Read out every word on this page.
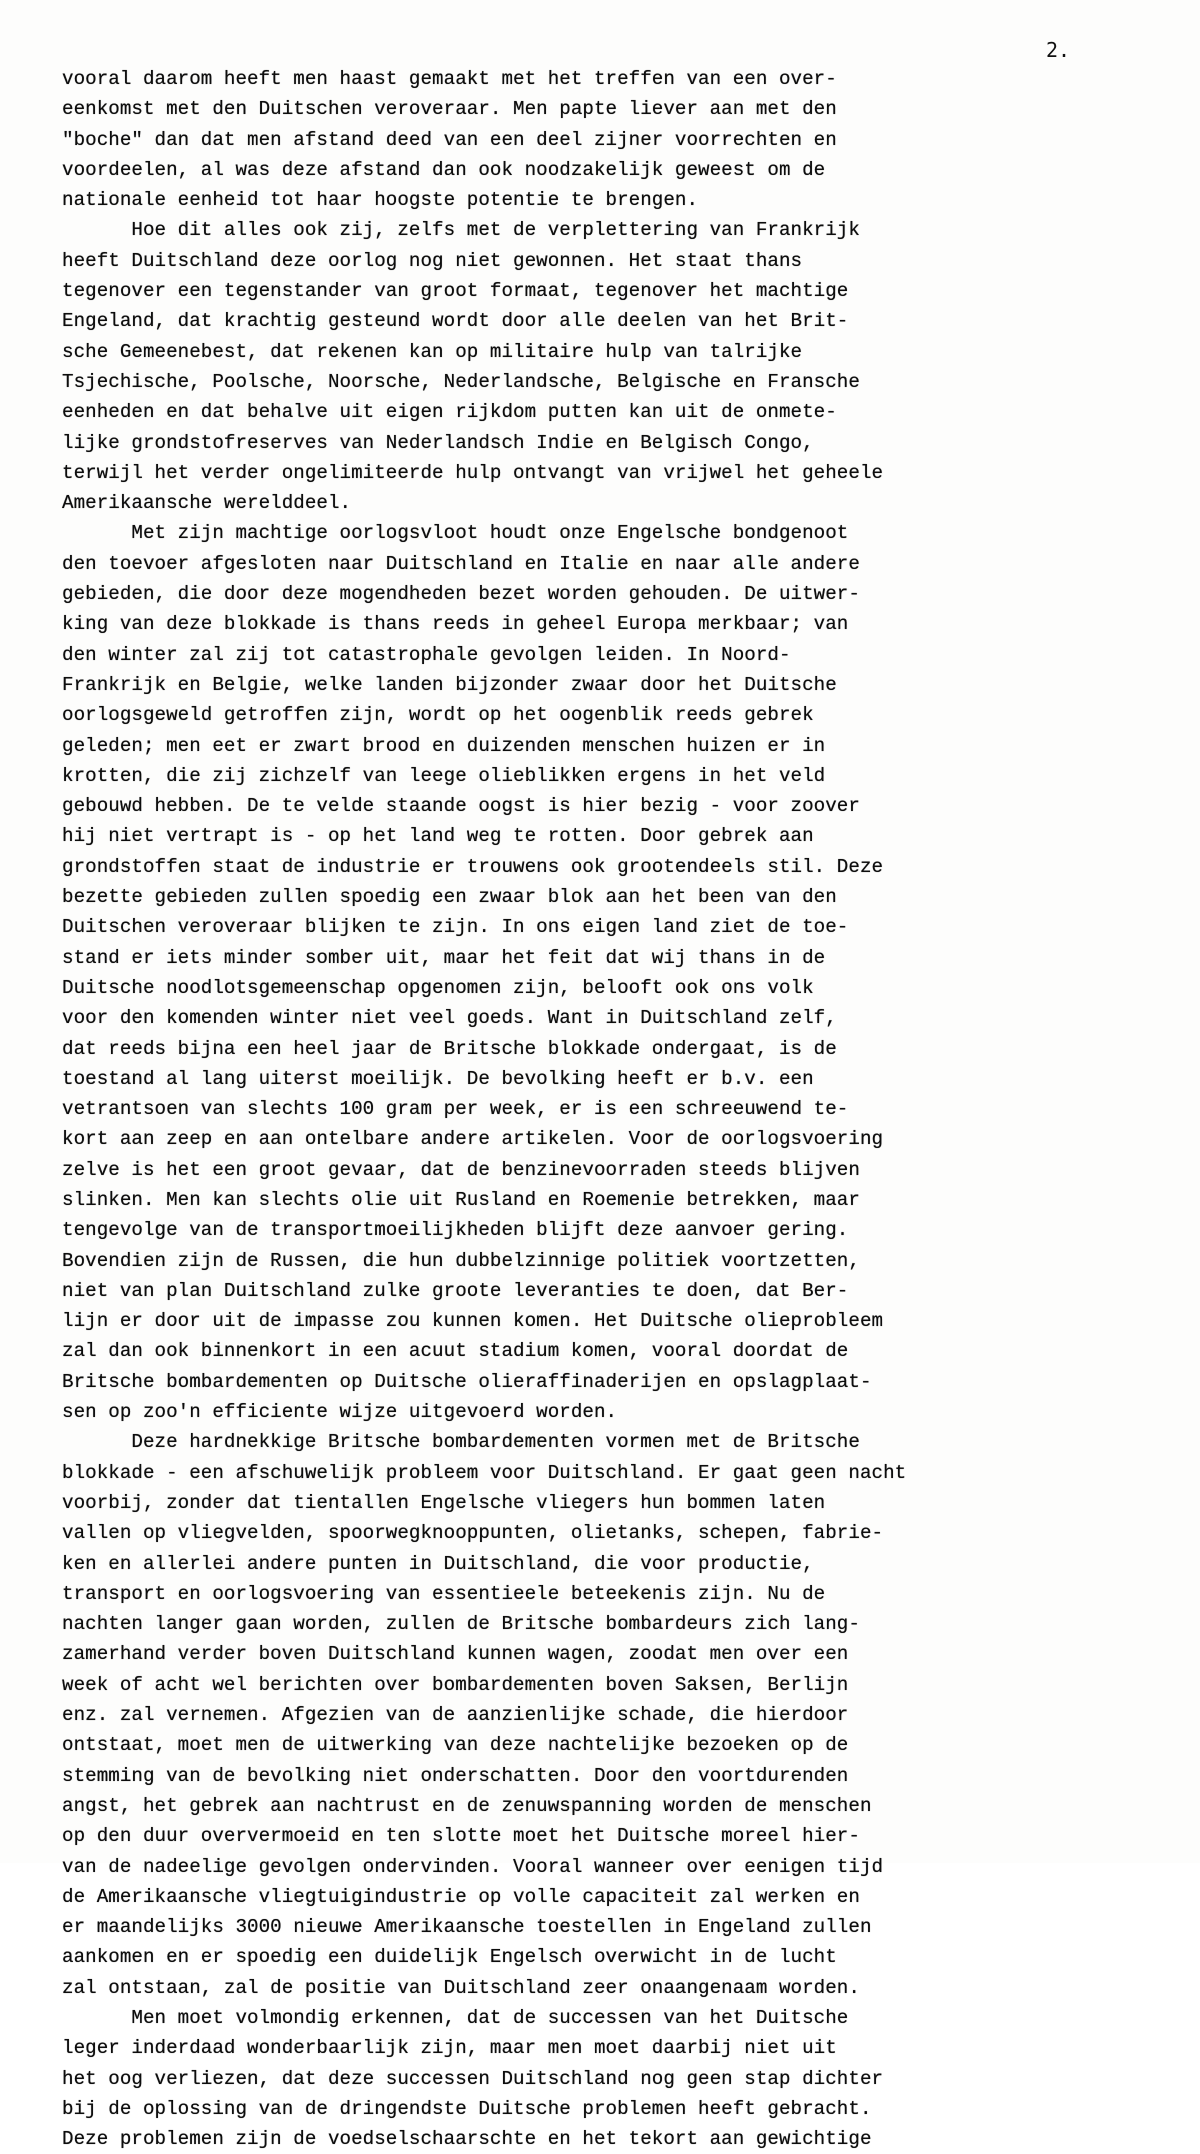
2.
vooral daarom heeft men haast gemaakt met het treffen van een over-
eenkomst met den Duitschen veroveraar. Men papte liever aan met den
"boche" dan dat men afstand deed van een deel zijner voorrechten en
voordeelen, al was deze afstand dan ook noodzakelijk geweest om de
nationale eenheid tot haar hoogste potentie te brengen.
Hoe dit alles ook zij, zelfs met de verplettering van Frankrijk
heeft Duitschland deze oorlog nog niet gewonnen. Het staat thans
tegenover een tegenstander van groot formaat, tegenover het machtige
Engeland, dat krachtig gesteund wordt door alle deelen van het Brit-
sche Gemeenebest, dat rekenen kan op militaire hulp van talrijke
Tsjechische, Poolsche, Noorsche, Nederlandsche, Belgische en Fransche
eenheden en dat behalve uit eigen rijkdom putten kan uit de onmete-
lijke grondstofreserves van Nederlandsch Indie en Belgisch Congo,
terwijl het verder ongelimiteerde hulp ontvangt van vrijwel het geheele
Amerikaansche werelddeel.
Met zijn machtige oorlogsvloot houdt onze Engelsche bondgenoot
den toevoer afgesloten naar Duitschland en Italie en naar alle andere
gebieden, die door deze mogendheden bezet worden gehouden. De uitwer-
king van deze blokkade is thans reeds in geheel Europa merkbaar; van
den winter zal zij tot catastrophale gevolgen leiden. In Noord-
Frankrijk en Belgie, welke landen bijzonder zwaar door het Duitsche
oorlogsgeweld getroffen zijn, wordt op het oogenblik reeds gebrek
geleden; men eet er zwart brood en duizenden menschen huizen er in
krotten, die zij zichzelf van leege olieblikken ergens in het veld
gebouwd hebben. De te velde staande oogst is hier bezig - voor zoover
hij niet vertrapt is - op het land weg te rotten. Door gebrek aan
grondstoffen staat de industrie er trouwens ook grootendeels stil. Deze
bezette gebieden zullen spoedig een zwaar blok aan het been van den
Duitschen veroveraar blijken te zijn. In ons eigen land ziet de toe-
stand er iets minder somber uit, maar het feit dat wij thans in de
Duitsche noodlotsgemeenschap opgenomen zijn, belooft ook ons volk
voor den komenden winter niet veel goeds. Want in Duitschland zelf,
dat reeds bijna een heel jaar de Britsche blokkade ondergaat, is de
toestand al lang uiterst moeilijk. De bevolking heeft er b.v. een
vetrantsoen van slechts 100 gram per week, er is een schreeuwend te-
kort aan zeep en aan ontelbare andere artikelen. Voor de oorlogsvoering
zelve is het een groot gevaar, dat de benzinevoorraden steeds blijven
slinken. Men kan slechts olie uit Rusland en Roemenie betrekken, maar
tengevolge van de transportmoeilijkheden blijft deze aanvoer gering.
Bovendien zijn de Russen, die hun dubbelzinnige politiek voortzetten,
niet van plan Duitschland zulke groote leveranties te doen, dat Ber-
lijn er door uit de impasse zou kunnen komen. Het Duitsche olieprobleem
zal dan ook binnenkort in een acuut stadium komen, vooral doordat de
Britsche bombardementen op Duitsche olieraffinaderijen en opslagplaat-
sen op zoo'n efficiente wijze uitgevoerd worden.
Deze hardnekkige Britsche bombardementen vormen met de Britsche
blokkade - een afschuwelijk probleem voor Duitschland. Er gaat geen nacht
voorbij, zonder dat tientallen Engelsche vliegers hun bommen laten
vallen op vliegvelden, spoorwegknooppunten, olietanks, schepen, fabrie-
ken en allerlei andere punten in Duitschland, die voor productie,
transport en oorlogsvoering van essentieele beteekenis zijn. Nu de
nachten langer gaan worden, zullen de Britsche bombardeurs zich lang-
zamerhand verder boven Duitschland kunnen wagen, zoodat men over een
week of acht wel berichten over bombardementen boven Saksen, Berlijn
enz. zal vernemen. Afgezien van de aanzienlijke schade, die hierdoor
ontstaat, moet men de uitwerking van deze nachtelijke bezoeken op de
stemming van de bevolking niet onderschatten. Door den voortdurenden
angst, het gebrek aan nachtrust en de zenuwspanning worden de menschen
op den duur oververmoeid en ten slotte moet het Duitsche moreel hier-
van de nadeelige gevolgen ondervinden. Vooral wanneer over eenigen tijd
de Amerikaansche vliegtuigindustrie op volle capaciteit zal werken en
er maandelijks 3000 nieuwe Amerikaansche toestellen in Engeland zullen
aankomen en er spoedig een duidelijk Engelsch overwicht in de lucht
zal ontstaan, zal de positie van Duitschland zeer onaangenaam worden.
Men moet volmondig erkennen, dat de successen van het Duitsche
leger inderdaad wonderbaarlijk zijn, maar men moet daarbij niet uit
het oog verliezen, dat deze successen Duitschland nog geen stap dichter
bij de oplossing van de dringendste Duitsche problemen heeft gebracht.
Deze problemen zijn de voedselschaarschte en het tekort aan gewichtige
